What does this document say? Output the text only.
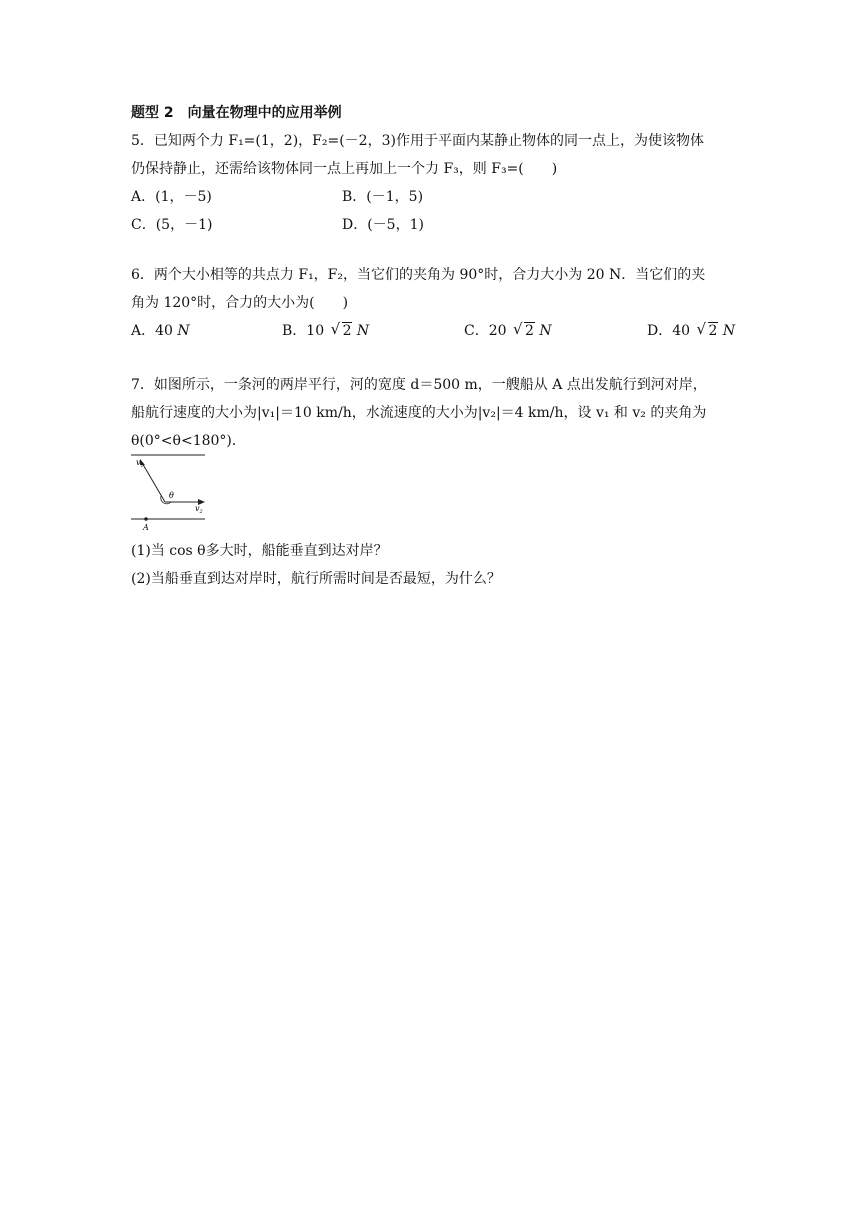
题型 2 向量在物理中的应用举例
5．已知两个力 F₁=(1，2)，F₂=(－2，3)作用于平面内某静止物体的同一点上，为使该物体
仍保持静止，还需给该物体同一点上再加上一个力 F₃，则 F₃=(　　)
A．(1，－5)	B．(－1，5)
C．(5，－1)	D．(－5，1)
6．两个大小相等的共点力 F₁，F₂，当它们的夹角为 90°时，合力大小为 20 N．当它们的夹
角为 120°时，合力的大小为(　　)
A．40 N	B．10 √ 2 N	C．20 √ 2 N	D．40 √ 2 N
7．如图所示，一条河的两岸平行，河的宽度 d＝500 m，一艘船从 A 点出发航行到河对岸，
船航行速度的大小为|v₁|＝10 km/h，水流速度的大小为|v₂|＝4 km/h，设 v₁ 和 v₂ 的夹角为
θ(0°<θ<180°)．
$v_1$
θ
$v_2$
A
(1)当 cos θ多大时，船能垂直到达对岸？
(2)当船垂直到达对岸时，航行所需时间是否最短，为什么？
